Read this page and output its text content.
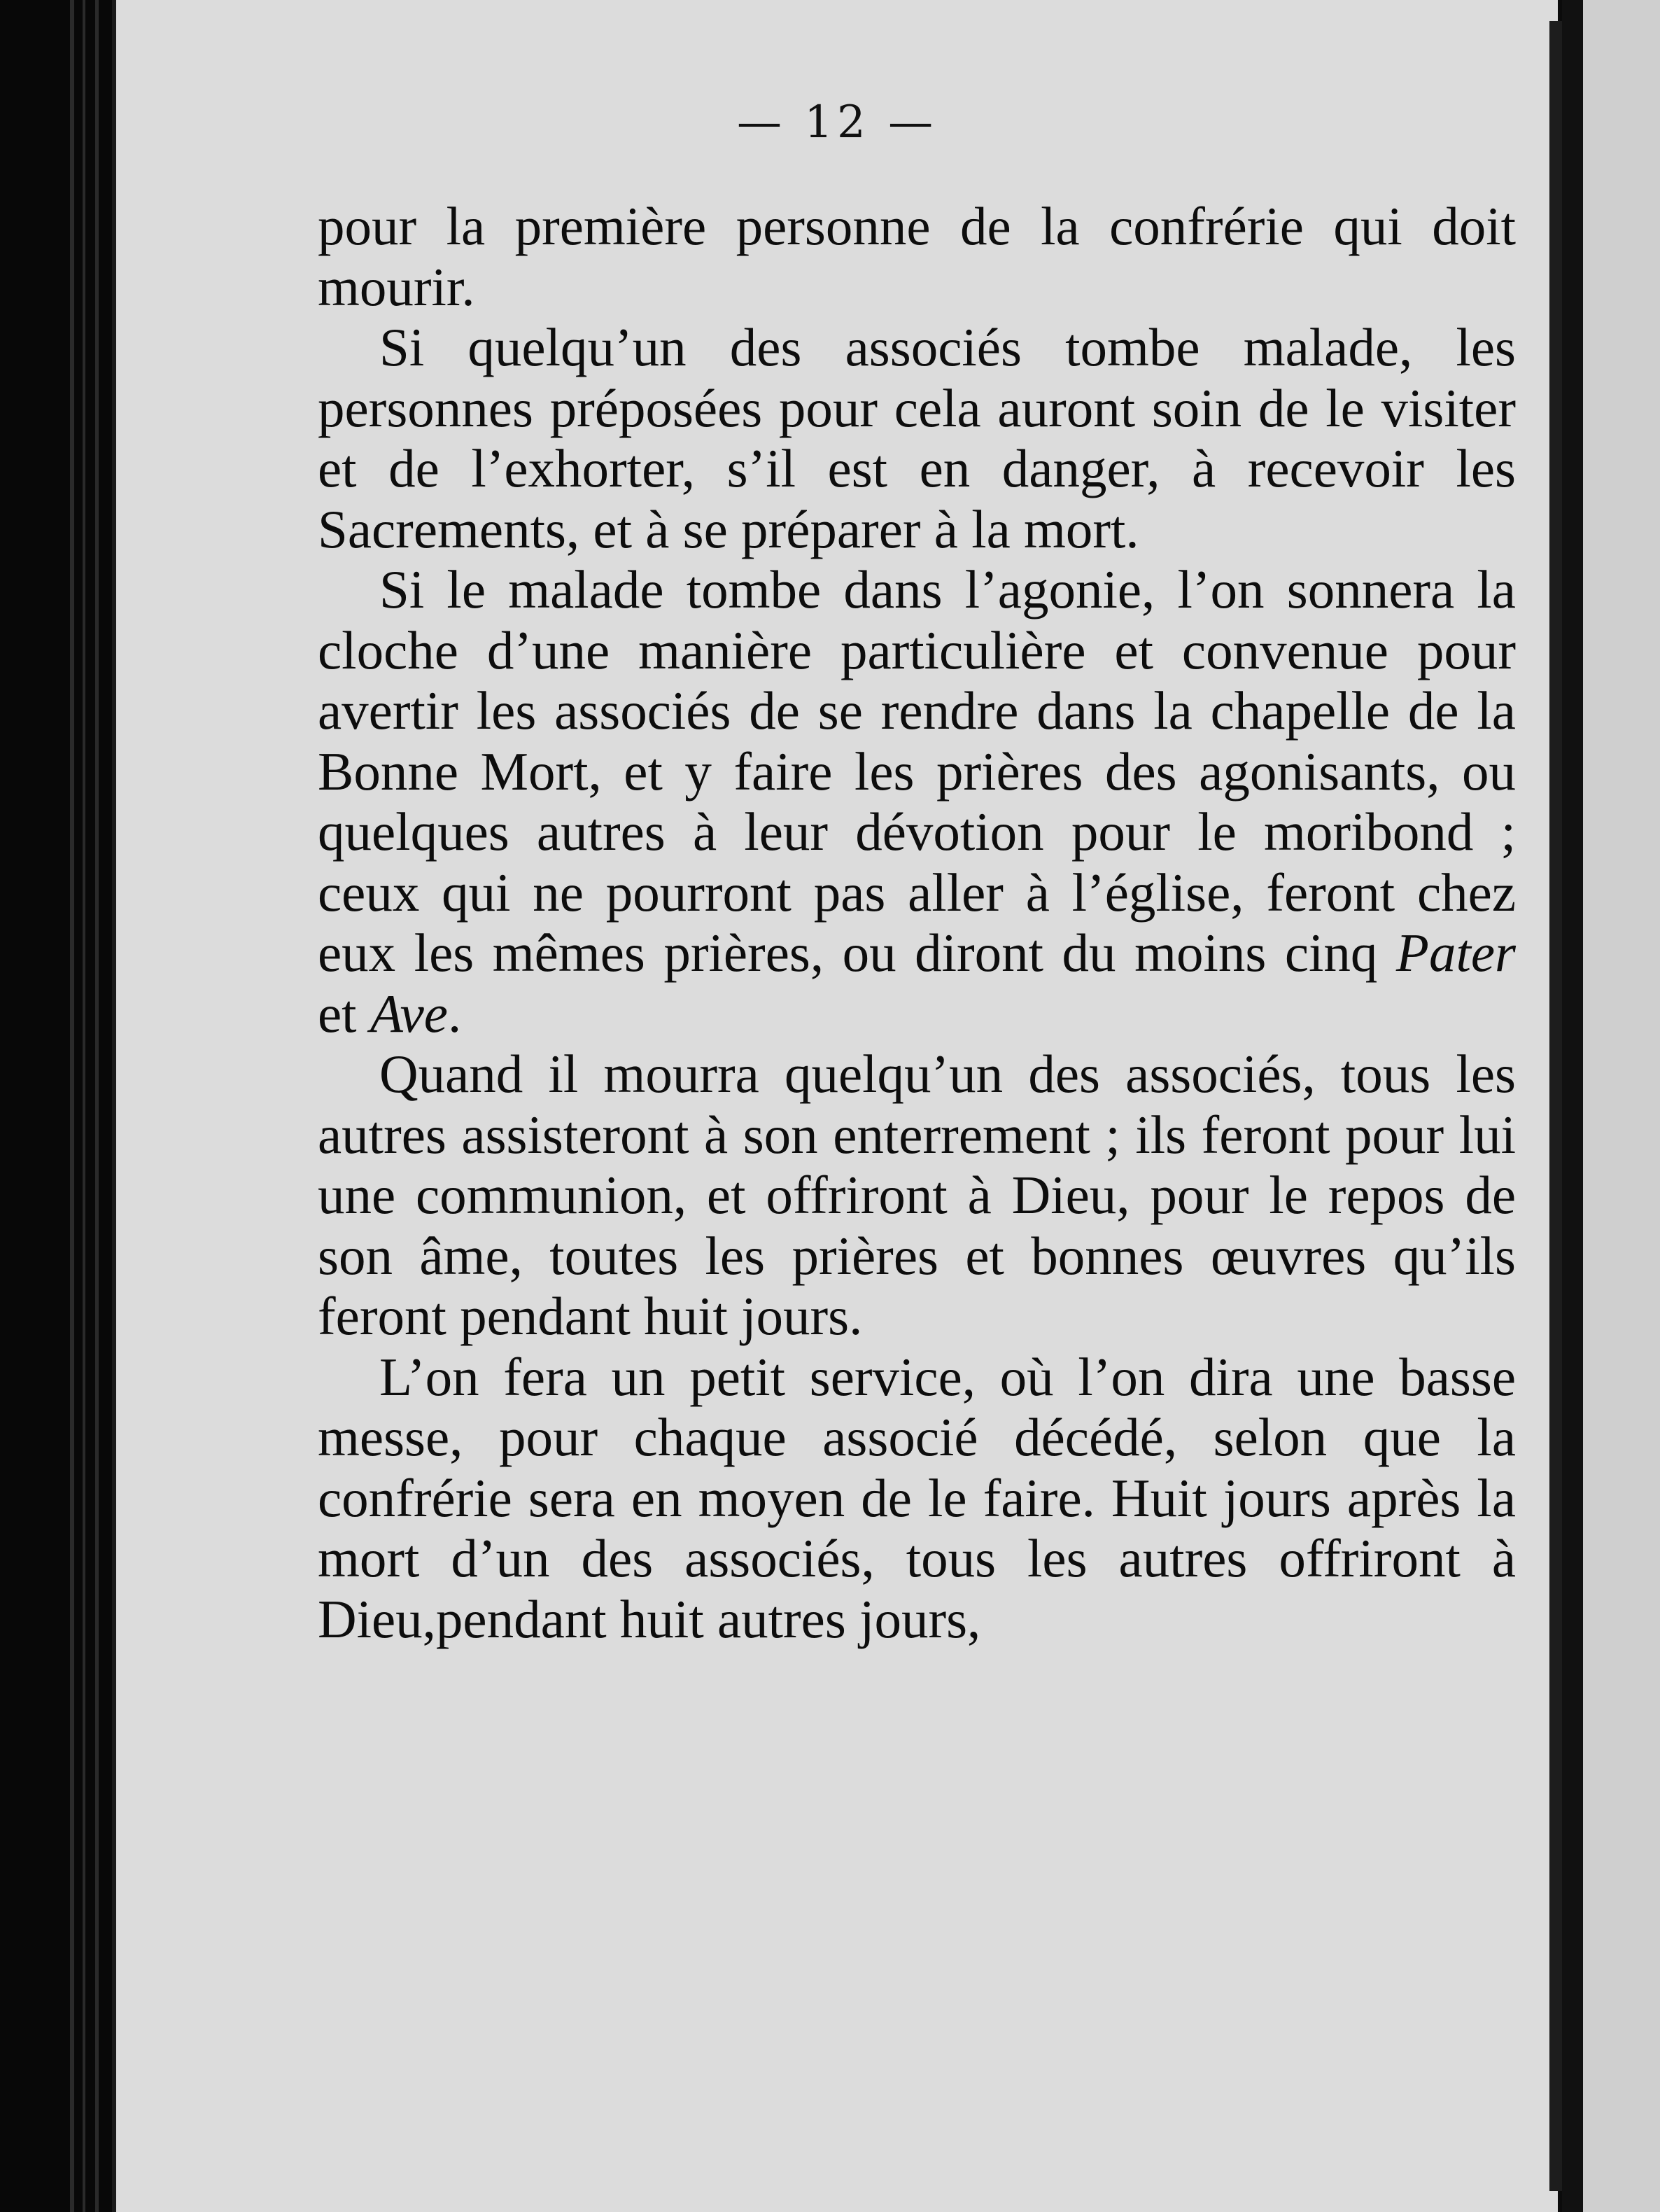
— 12 —

pour la première personne de la confrérie qui doit mourir.

Si quelqu’un des associés tombe malade, les personnes préposées pour cela auront soin de le visiter et de l’exhorter, s’il est en danger, à recevoir les Sacrements, et à se préparer à la mort.

Si le malade tombe dans l’agonie, l’on sonnera la cloche d’une manière particulière et convenue pour avertir les associés de se rendre dans la chapelle de la Bonne Mort, et y faire les prières des agonisants, ou quelques autres à leur dévotion pour le moribond ; ceux qui ne pourront pas aller à l’église, feront chez eux les mêmes prières, ou diront du moins cinq Pater et Ave.

Quand il mourra quelqu’un des associés, tous les autres assisteront à son enterrement ; ils feront pour lui une communion, et offriront à Dieu, pour le repos de son âme, toutes les prières et bonnes œuvres qu’ils feront pendant huit jours.

L’on fera un petit service, où l’on dira une basse messe, pour chaque associé décédé, selon que la confrérie sera en moyen de le faire. Huit jours après la mort d’un des associés, tous les autres offriront à Dieu,pendant huit autres jours,
